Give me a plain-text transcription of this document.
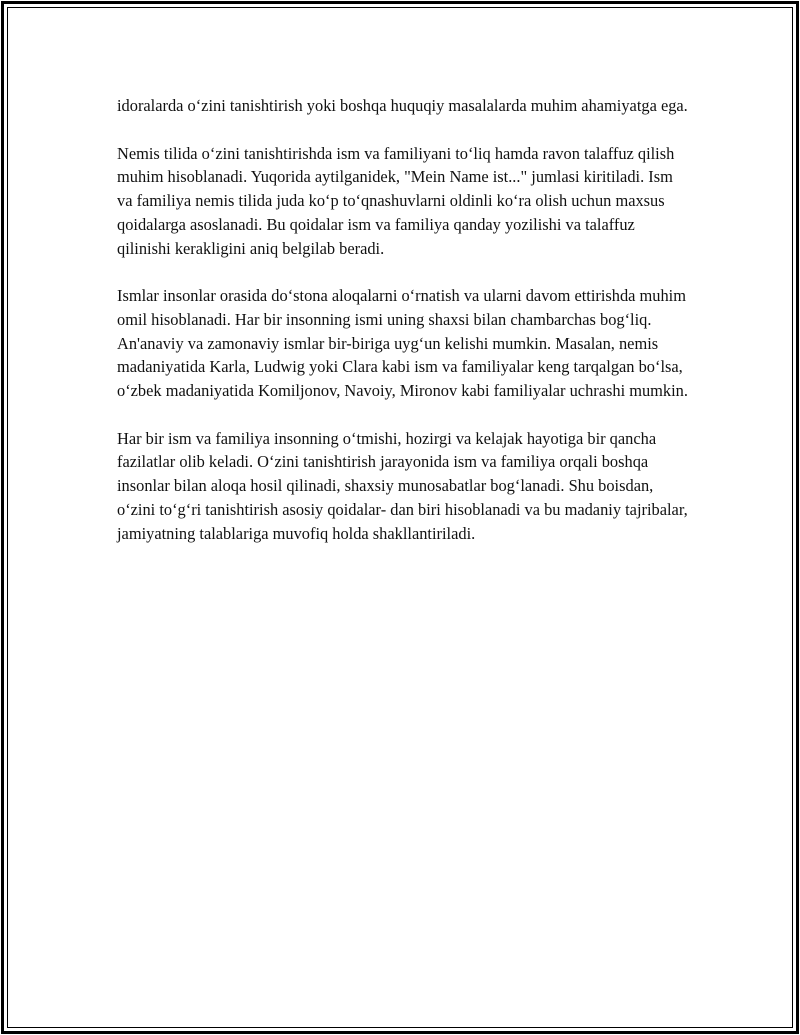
idoralarda o‘zini tanishtirish yoki boshqa huquqiy masalalarda muhim ahamiyatga ega.

Nemis tilida o‘zini tanishtirishda ism va familiyani to‘liq hamda ravon talaffuz qilish muhim hisoblanadi. Yuqorida aytilganidek, "Mein Name ist..." jumlasi kiritiladi. Ism va familiya nemis tilida juda ko‘p to‘qnashuvlarni oldinli ko‘ra olish uchun maxsus qoidalarga asoslanadi. Bu qoidalar ism va familiya qanday yozilishi va talaffuz qilinishi kerakligini aniq belgilab beradi.

Ismlar insonlar orasida do‘stona aloqalarni o‘rnatish va ularni davom ettirishda muhim omil hisoblanadi. Har bir insonning ismi uning shaxsi bilan chambarchas bog‘liq. An'anaviy va zamonaviy ismlar bir-biriga uyg‘un kelishi mumkin. Masalan, nemis madaniyatida Karla, Ludwig yoki Clara kabi ism va familiyalar keng tarqalgan bo‘lsa, o‘zbek madaniyatida Komiljonov, Navoiy, Mironov kabi familiyalar uchrashi mumkin.

Har bir ism va familiya insonning o‘tmishi, hozirgi va kelajak hayotiga bir qancha fazilatlar olib keladi. O‘zini tanishtirish jarayonida ism va familiya orqali boshqa insonlar bilan aloqa hosil qilinadi, shaxsiy munosabatlar bog‘lanadi. Shu boisdan, o‘zini to‘g‘ri tanishtirish asosiy qoidalar- dan biri hisoblanadi va bu madaniy tajribalar, jamiyatning talablariga muvofiq holda shakllantiriladi.
